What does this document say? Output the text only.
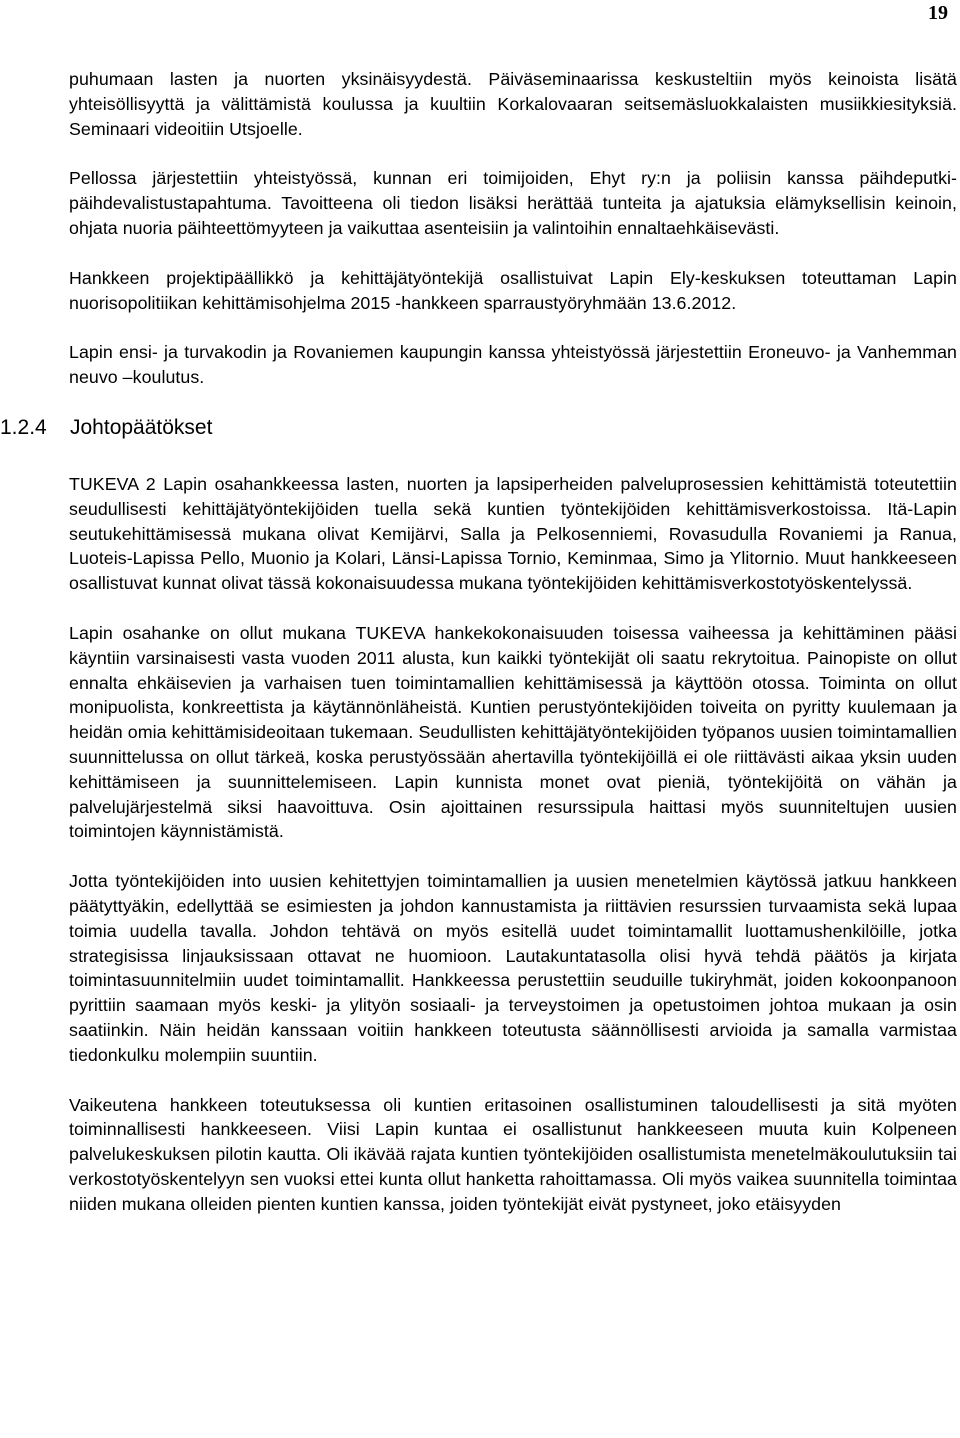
19

puhumaan lasten ja nuorten yksinäisyydestä. Päiväseminaarissa keskusteltiin myös keinoista lisätä yhteisöllisyyttä ja välittämistä koulussa ja kuultiin Korkalovaaran seitsemäsluokkalaisten musiikkiesityksiä. Seminaari videoitiin Utsjoelle.

Pellossa järjestettiin yhteistyössä, kunnan eri toimijoiden, Ehyt ry:n ja poliisin kanssa päihdeputki-päihdevalistustapahtuma. Tavoitteena oli tiedon lisäksi herättää tunteita ja ajatuksia elämyksellisin keinoin, ohjata nuoria päihteettömyyteen ja vaikuttaa asenteisiin ja valintoihin ennaltaehkäisevästi.

Hankkeen projektipäällikkö ja kehittäjätyöntekijä osallistuivat Lapin Ely-keskuksen toteuttaman Lapin nuorisopolitiikan kehittämisohjelma 2015 -hankkeen sparraustyöryhmään 13.6.2012.

Lapin ensi- ja turvakodin ja Rovaniemen kaupungin kanssa yhteistyössä järjestettiin Eroneuvo- ja Vanhemman neuvo –koulutus.

1.2.4 Johtopäätökset

TUKEVA 2 Lapin osahankkeessa lasten, nuorten ja lapsiperheiden palveluprosessien kehittämistä toteutettiin seudullisesti kehittäjätyöntekijöiden tuella sekä kuntien työntekijöiden kehittämisverkostoissa. Itä-Lapin seutukehittämisessä mukana olivat Kemijärvi, Salla ja Pelkosenniemi, Rovasudulla Rovaniemi ja Ranua, Luoteis-Lapissa Pello, Muonio ja Kolari, Länsi-Lapissa Tornio, Keminmaa, Simo ja Ylitornio. Muut hankkeeseen osallistuvat kunnat olivat tässä kokonaisuudessa mukana työntekijöiden kehittämisverkostotyöskentelyssä.

Lapin osahanke on ollut mukana TUKEVA hankekokonaisuuden toisessa vaiheessa ja kehittäminen pääsi käyntiin varsinaisesti vasta vuoden 2011 alusta, kun kaikki työntekijät oli saatu rekrytoitua. Painopiste on ollut ennalta ehkäisevien ja varhaisen tuen toimintamallien kehittämisessä ja käyttöön otossa. Toiminta on ollut monipuolista, konkreettista ja käytännönläheistä. Kuntien perustyöntekijöiden toiveita on pyritty kuulemaan ja heidän omia kehittämisideoitaan tukemaan. Seudullisten kehittäjätyöntekijöiden työpanos uusien toimintamallien suunnittelussa on ollut tärkeä, koska perustyössään ahertavilla työntekijöillä ei ole riittävästi aikaa yksin uuden kehittämiseen ja suunnittelemiseen. Lapin kunnista monet ovat pieniä, työntekijöitä on vähän ja palvelujärjestelmä siksi haavoittuva. Osin ajoittainen resurssipula haittasi myös suunniteltujen uusien toimintojen käynnistämistä.

Jotta työntekijöiden into uusien kehitettyjen toimintamallien ja uusien menetelmien käytössä jatkuu hankkeen päätyttyäkin, edellyttää se esimiesten ja johdon kannustamista ja riittävien resurssien turvaamista sekä lupaa toimia uudella tavalla. Johdon tehtävä on myös esitellä uudet toimintamallit luottamushenkilöille, jotka strategisissa linjauksissaan ottavat ne huomioon. Lautakuntatasolla olisi hyvä tehdä päätös ja kirjata toimintasuunnitelmiin uudet toimintamallit. Hankkeessa perustettiin seuduille tukiryhmät, joiden kokoonpanoon pyrittiin saamaan myös keski- ja ylityön sosiaali- ja terveystoimen ja opetustoimen johtoa mukaan ja osin saatiinkin. Näin heidän kanssaan voitiin hankkeen toteutusta säännöllisesti arvioida ja samalla varmistaa tiedonkulku molempiin suuntiin.

Vaikeutena hankkeen toteutuksessa oli kuntien eritasoinen osallistuminen taloudellisesti ja sitä myöten toiminnallisesti hankkeeseen. Viisi Lapin kuntaa ei osallistunut hankkeeseen muuta kuin Kolpeneen palvelukeskuksen pilotin kautta. Oli ikävää rajata kuntien työntekijöiden osallistumista menetelmäkoulutuksiin tai verkostotyöskentelyyn sen vuoksi ettei kunta ollut hanketta rahoittamassa. Oli myös vaikea suunnitella toimintaa niiden mukana olleiden pienten kuntien kanssa, joiden työntekijät eivät pystyneet, joko etäisyyden
